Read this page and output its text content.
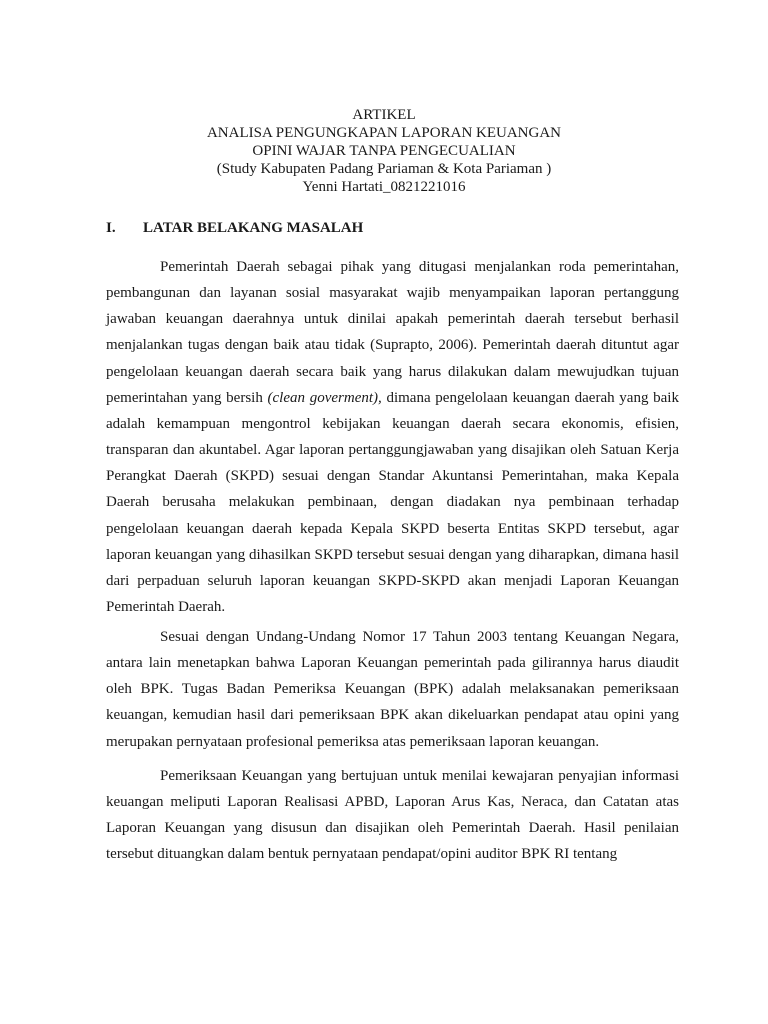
ARTIKEL
ANALISA PENGUNGKAPAN LAPORAN KEUANGAN
OPINI WAJAR TANPA PENGECUALIAN
(Study Kabupaten Padang Pariaman & Kota Pariaman )
Yenni Hartati_0821221016
I. LATAR BELAKANG MASALAH

Pemerintah Daerah sebagai pihak yang ditugasi menjalankan roda pemerintahan, pembangunan dan layanan sosial masyarakat wajib menyampaikan laporan pertanggung jawaban keuangan daerahnya untuk dinilai apakah pemerintah daerah tersebut berhasil menjalankan tugas dengan baik atau tidak (Suprapto, 2006). Pemerintah daerah dituntut agar pengelolaan keuangan daerah secara baik yang harus dilakukan dalam mewujudkan tujuan pemerintahan yang bersih (clean goverment), dimana pengelolaan keuangan daerah yang baik adalah kemampuan mengontrol kebijakan keuangan daerah secara ekonomis, efisien, transparan dan akuntabel. Agar laporan pertanggungjawaban yang disajikan oleh Satuan Kerja Perangkat Daerah (SKPD) sesuai dengan Standar Akuntansi Pemerintahan, maka Kepala Daerah berusaha melakukan pembinaan, dengan diadakan nya pembinaan terhadap pengelolaan keuangan daerah kepada Kepala SKPD beserta Entitas SKPD tersebut, agar laporan keuangan yang dihasilkan SKPD tersebut sesuai dengan yang diharapkan, dimana hasil dari perpaduan seluruh laporan keuangan SKPD-SKPD akan menjadi Laporan Keuangan Pemerintah Daerah.

Sesuai dengan Undang-Undang Nomor 17 Tahun 2003 tentang Keuangan Negara, antara lain menetapkan bahwa Laporan Keuangan pemerintah pada gilirannya harus diaudit oleh BPK. Tugas Badan Pemeriksa Keuangan (BPK) adalah melaksanakan pemeriksaan keuangan, kemudian hasil dari pemeriksaan BPK akan dikeluarkan pendapat atau opini yang merupakan pernyataan profesional pemeriksa atas pemeriksaan laporan keuangan.

Pemeriksaan Keuangan yang bertujuan untuk menilai kewajaran penyajian informasi keuangan meliputi Laporan Realisasi APBD, Laporan Arus Kas, Neraca, dan Catatan atas Laporan Keuangan yang disusun dan disajikan oleh Pemerintah Daerah. Hasil penilaian tersebut dituangkan dalam bentuk pernyataan pendapat/opini auditor BPK RI tentang
